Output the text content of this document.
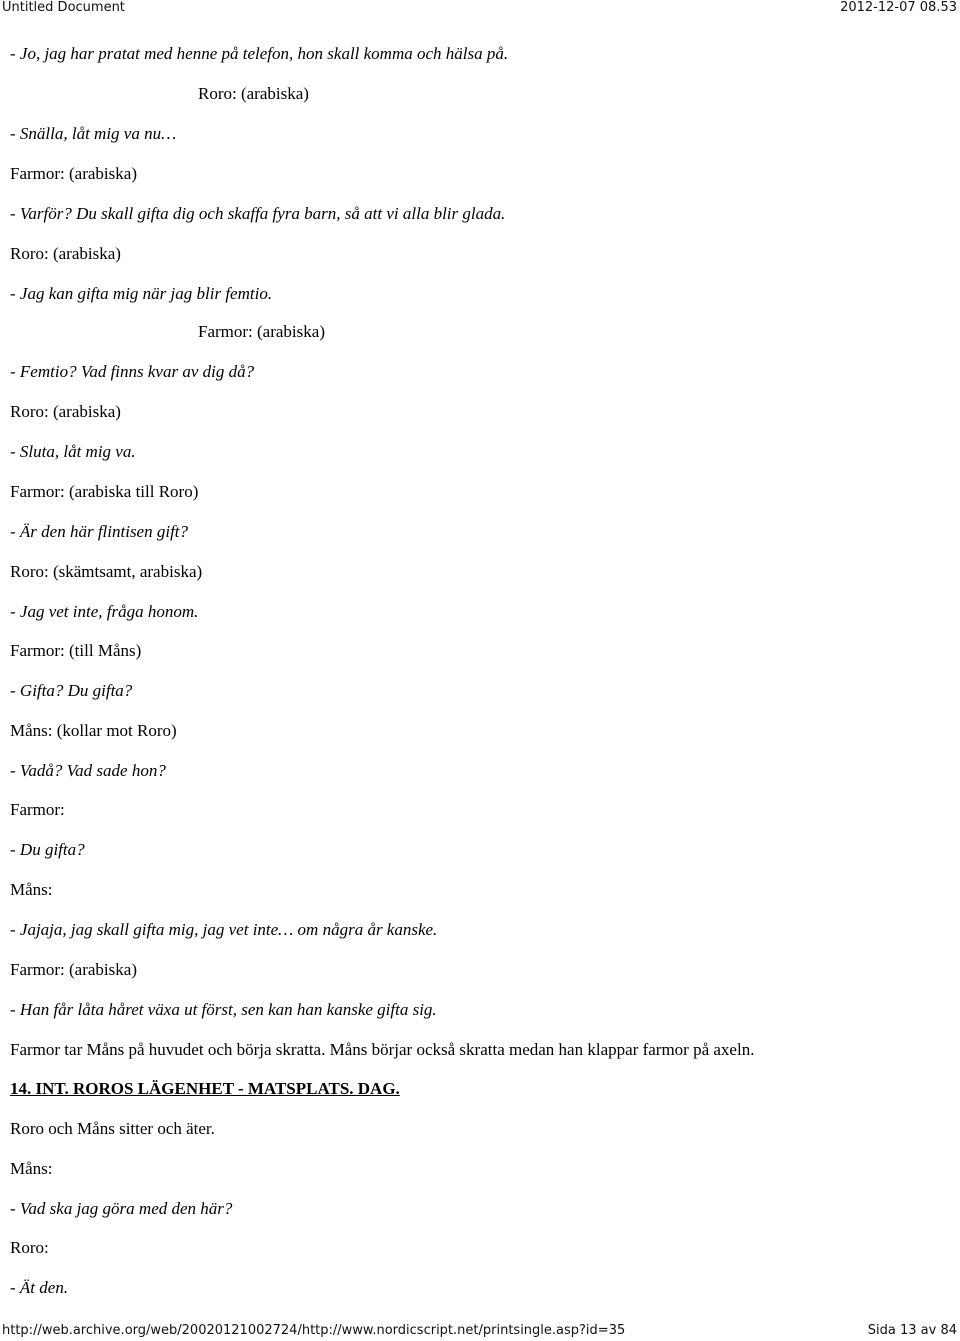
Untitled Document	2012-12-07 08.53
- Jo, jag har pratat med henne på telefon, hon skall komma och hälsa på.
Roro: (arabiska)
- Snälla, låt mig va nu…
Farmor: (arabiska)
- Varför? Du skall gifta dig och skaffa fyra barn, så att vi alla blir glada.
Roro: (arabiska)
- Jag kan gifta mig när jag blir femtio.
Farmor: (arabiska)
- Femtio? Vad finns kvar av dig då?
Roro: (arabiska)
- Sluta, låt mig va.
Farmor: (arabiska till Roro)
- Är den här flintisen gift?
Roro: (skämtsamt, arabiska)
- Jag vet inte, fråga honom.
Farmor: (till Måns)
- Gifta? Du gifta?
Måns: (kollar mot Roro)
- Vadå? Vad sade hon?
Farmor:
- Du gifta?
Måns:
- Jajaja, jag skall gifta mig, jag vet inte… om några år kanske.
Farmor: (arabiska)
- Han får låta håret växa ut först, sen kan han kanske gifta sig.
Farmor tar Måns på huvudet och börja skratta. Måns börjar också skratta medan han klappar farmor på axeln.
14. INT. ROROS LÄGENHET - MATSPLATS. DAG.
Roro och Måns sitter och äter.
Måns:
- Vad ska jag göra med den här?
Roro:
- Ät den.
http://web.archive.org/web/20020121002724/http://www.nordicscript.net/printsingle.asp?id=35	Sida 13 av 84
